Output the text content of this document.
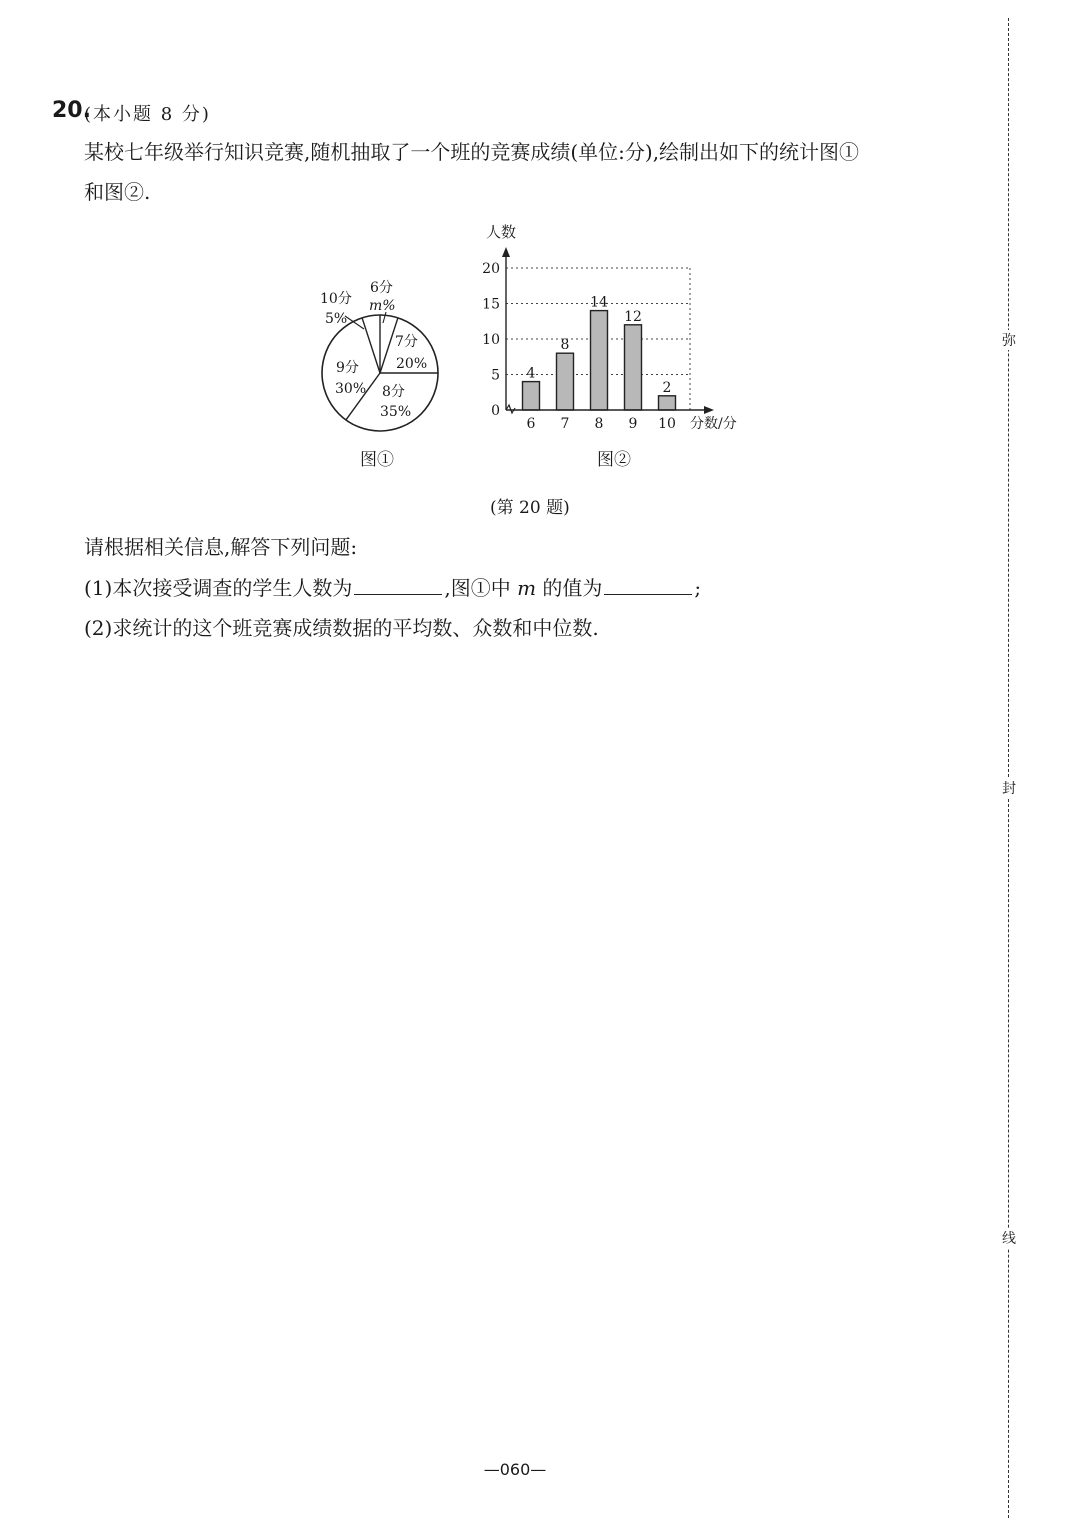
20.
(本小题 8 分)
某校七年级举行知识竞赛,随机抽取了一个班的竞赛成绩(单位:分),绘制出如下的统计图①
和图②.
10分
5%
6分
m%
7分
20%
8分
35%
9分
30%
图①
人数
4
6
8
7
14
8
12
9
2
10
0
5
10
15
20
分数/分
图②
(第 20 题)
请根据相关信息,解答下列问题:
(1)本次接受调查的学生人数为	,图①中 m 的值为	;
(2)求统计的这个班竞赛成绩数据的平均数、众数和中位数.
—060—
弥
封
线
